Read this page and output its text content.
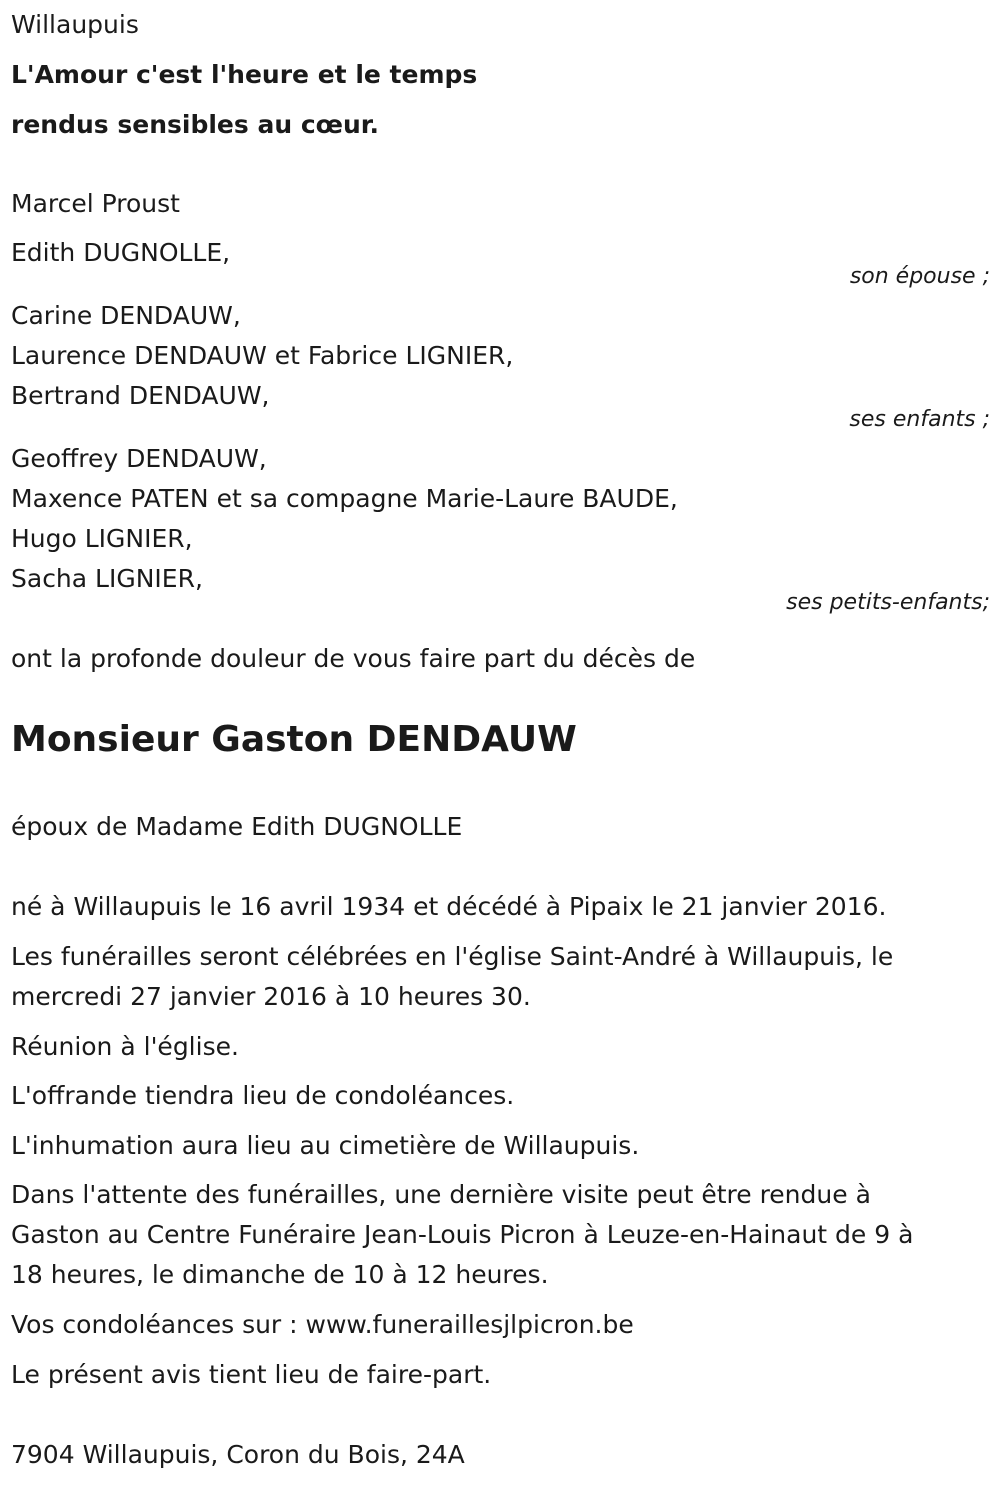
Willaupuis
L'Amour c'est l'heure et le temps
rendus sensibles au cœur.
Marcel Proust
Edith DUGNOLLE,
son épouse ;
Carine DENDAUW,
Laurence DENDAUW et Fabrice LIGNIER,
Bertrand DENDAUW,
ses enfants ;
Geoffrey DENDAUW,
Maxence PATEN et sa compagne Marie-Laure BAUDE,
Hugo LIGNIER,
Sacha LIGNIER,
ses petits-enfants;
ont la profonde douleur de vous faire part du décès de
Monsieur Gaston DENDAUW
époux de Madame Edith DUGNOLLE
né à Willaupuis le 16 avril 1934 et décédé à Pipaix le 21 janvier 2016.
Les funérailles seront célébrées en l'église Saint-André à Willaupuis, le
mercredi 27 janvier 2016 à 10 heures 30.
Réunion à l'église.
L'offrande tiendra lieu de condoléances.
L'inhumation aura lieu au cimetière de Willaupuis.
Dans l'attente des funérailles, une dernière visite peut être rendue à
Gaston au Centre Funéraire Jean-Louis Picron à Leuze-en-Hainaut de 9 à
18 heures, le dimanche de 10 à 12 heures.
Vos condoléances sur : www.funeraillesjlpicron.be
Le présent avis tient lieu de faire-part.
7904 Willaupuis, Coron du Bois, 24A
